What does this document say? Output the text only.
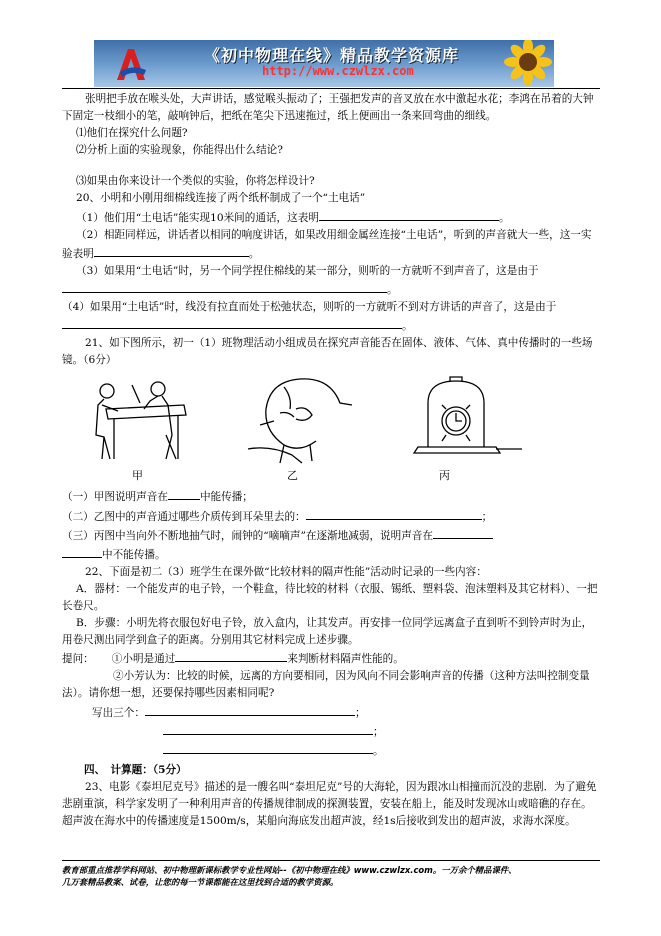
《初中物理在线》精品教学资源库
http://www.czwlzx.com

张明把手放在喉头处，大声讲话，感觉喉头振动了；王强把发声的音叉放在水中激起水花；李鸿在吊着的大钟下固定一枝细小的笔，敲响钟后，把纸在笔尖下迅速拖过，纸上便画出一条来回弯曲的细线。

⑴他们在探究什么问题?

⑵分析上面的实验现象，你能得出什么结论?

⑶如果由你来设计一个类似的实验，你将怎样设计?

20、小明和小刚用细棉线连接了两个纸杯制成了一个“土电话”

（1）他们用“土电话”能实现10米间的通话，这表明	。

（2）相距同样远，讲话者以相同的响度讲话，如果改用细金属丝连接“土电话”，听到的声音就大一些，这一实验表明	。

（3）如果用“土电话”时，另一个同学捏住棉线的某一部分，则听的一方就听不到声音了，这是由于。

（4）如果用“土电话”时，线没有拉直而处于松弛状态，则听的一方就听不到对方讲话的声音了，这是由于。

21、如下图所示，初一（1）班物理活动小组成员在探究声音能否在固体、液体、气体、真中传播时的一些场镜。（6分）

甲	乙	丙

（一）甲图说明声音在	中能传播；

（二）乙图中的声音通过哪些介质传到耳朵里去的：	；

（三）丙图中当向外不断地抽气时，闹钟的“嘀嘀声”在逐渐地减弱，说明声音在
中不能传播。

22、下面是初二（3）班学生在课外做“比较材料的隔声性能”活动时记录的一些内容：

A．器材：一个能发声的电子铃，一个鞋盒，待比较的材料（衣服、锡纸、塑料袋、泡沫塑料及其它材料）、一把长卷尺。

B．步骤：小明先将衣服包好电子铃，放入盒内，让其发声。再安排一位同学远离盒子直到听不到铃声时为止，用卷尺测出同学到盒子的距离。分别用其它材料完成上述步骤。

提问： ①小明是通过	来判断材料隔声性能的。

②小芳认为：比较的时候，远离的方向要相同，因为风向不同会影响声音的传播（这种方法叫控制变量法）。请你想一想，还要保持哪些因素相同呢?

写出三个：	；

；

。

四、　计算题：（5分）

23、电影《泰坦尼克号》描述的是一艘名叫“泰坦尼克”号的大海轮，因为跟冰山相撞而沉没的悲剧．为了避免悲剧重演，科学家发明了一种利用声音的传播规律制成的探测装置，安装在船上，能及时发现冰山或暗礁的存在。超声波在海水中的传播速度是1500m/s，某船向海底发出超声波，经1s后接收到发出的超声波，求海水深度。

教育部重点推荐学科网站、初中物理新课标教学专业性网站--《初中物理在线》www.czwlzx.com。一万余个精品课件、
几万套精品教案、试卷，让您的每一节课都能在这里找到合适的教学资源。
